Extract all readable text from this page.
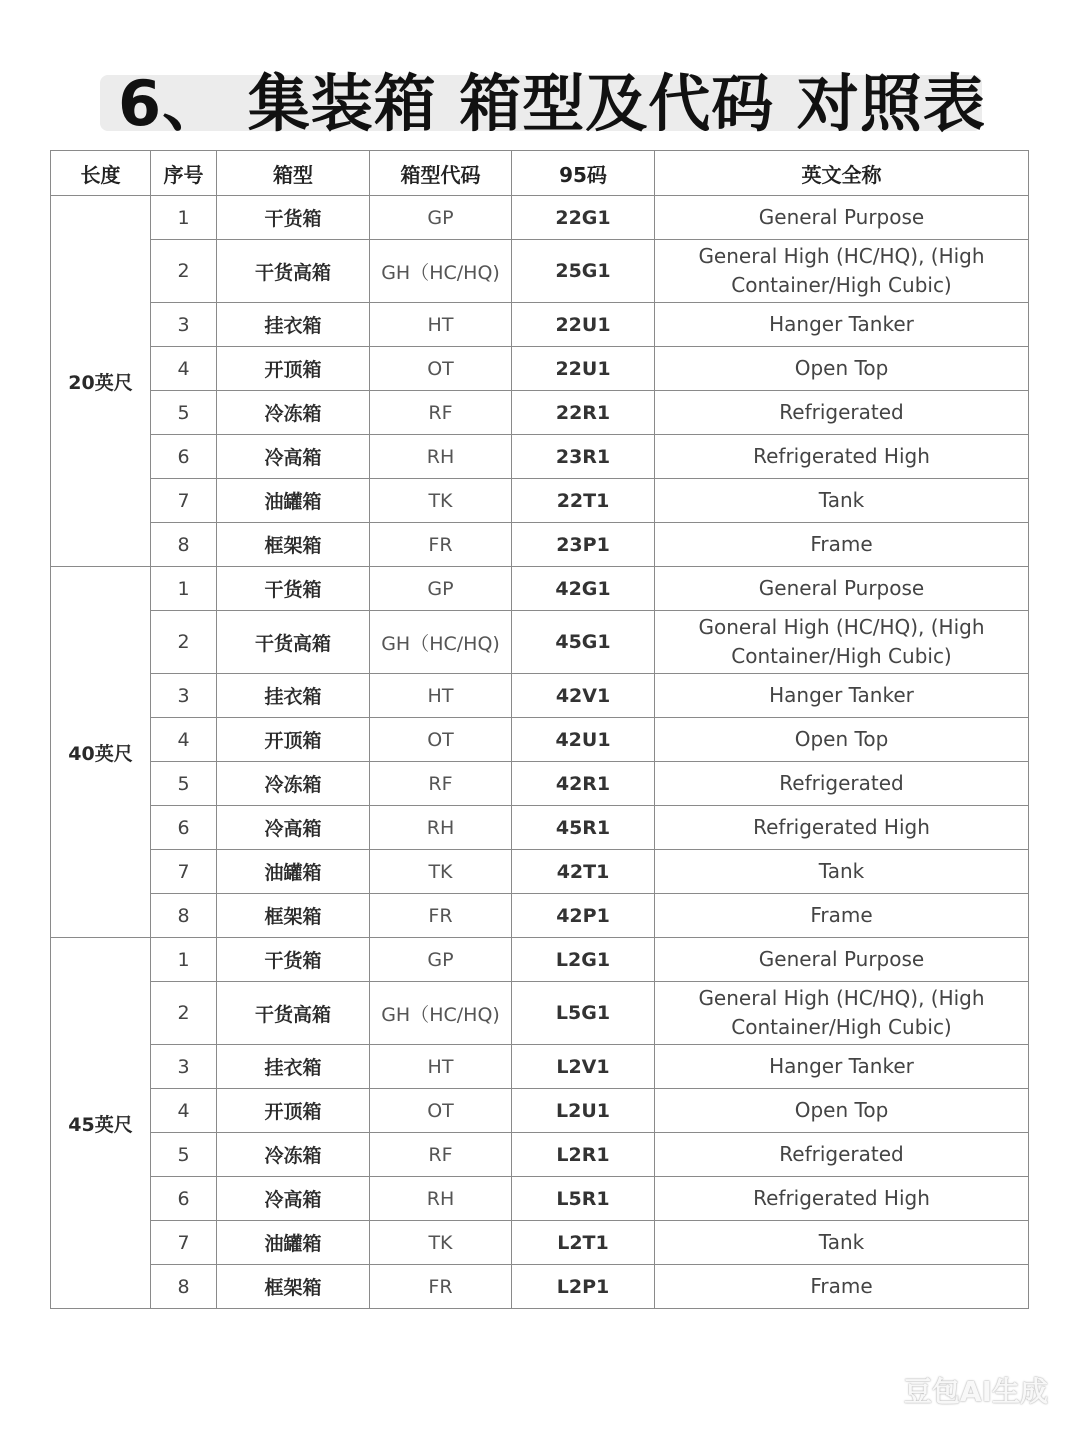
6、 集装箱 箱型及代码 对照表
长度	序号	箱型	箱型代码	95码	英文全称
20英尺	1	干货箱	GP	22G1	General Purpose
	2	干货高箱	GH（HC/HQ)	25G1	General High (HC/HQ), (High Container/High Cubic)
	3	挂衣箱	HT	22U1	Hanger Tanker
	4	开顶箱	OT	22U1	Open Top
	5	冷冻箱	RF	22R1	Refrigerated
	6	冷高箱	RH	23R1	Refrigerated High
	7	油罐箱	TK	22T1	Tank
	8	框架箱	FR	23P1	Frame
40英尺	1	干货箱	GP	42G1	General Purpose
	2	干货高箱	GH（HC/HQ)	45G1	Goneral High (HC/HQ), (High Container/High Cubic)
	3	挂衣箱	HT	42V1	Hanger Tanker
	4	开顶箱	OT	42U1	Open Top
	5	冷冻箱	RF	42R1	Refrigerated
	6	冷高箱	RH	45R1	Refrigerated High
	7	油罐箱	TK	42T1	Tank
	8	框架箱	FR	42P1	Frame
45英尺	1	干货箱	GP	L2G1	General Purpose
	2	干货高箱	GH（HC/HQ)	L5G1	General High (HC/HQ), (High Container/High Cubic)
	3	挂衣箱	HT	L2V1	Hanger Tanker
	4	开顶箱	OT	L2U1	Open Top
	5	冷冻箱	RF	L2R1	Refrigerated
	6	冷高箱	RH	L5R1	Refrigerated High
	7	油罐箱	TK	L2T1	Tank
	8	框架箱	FR	L2P1	Frame
豆包AI生成
